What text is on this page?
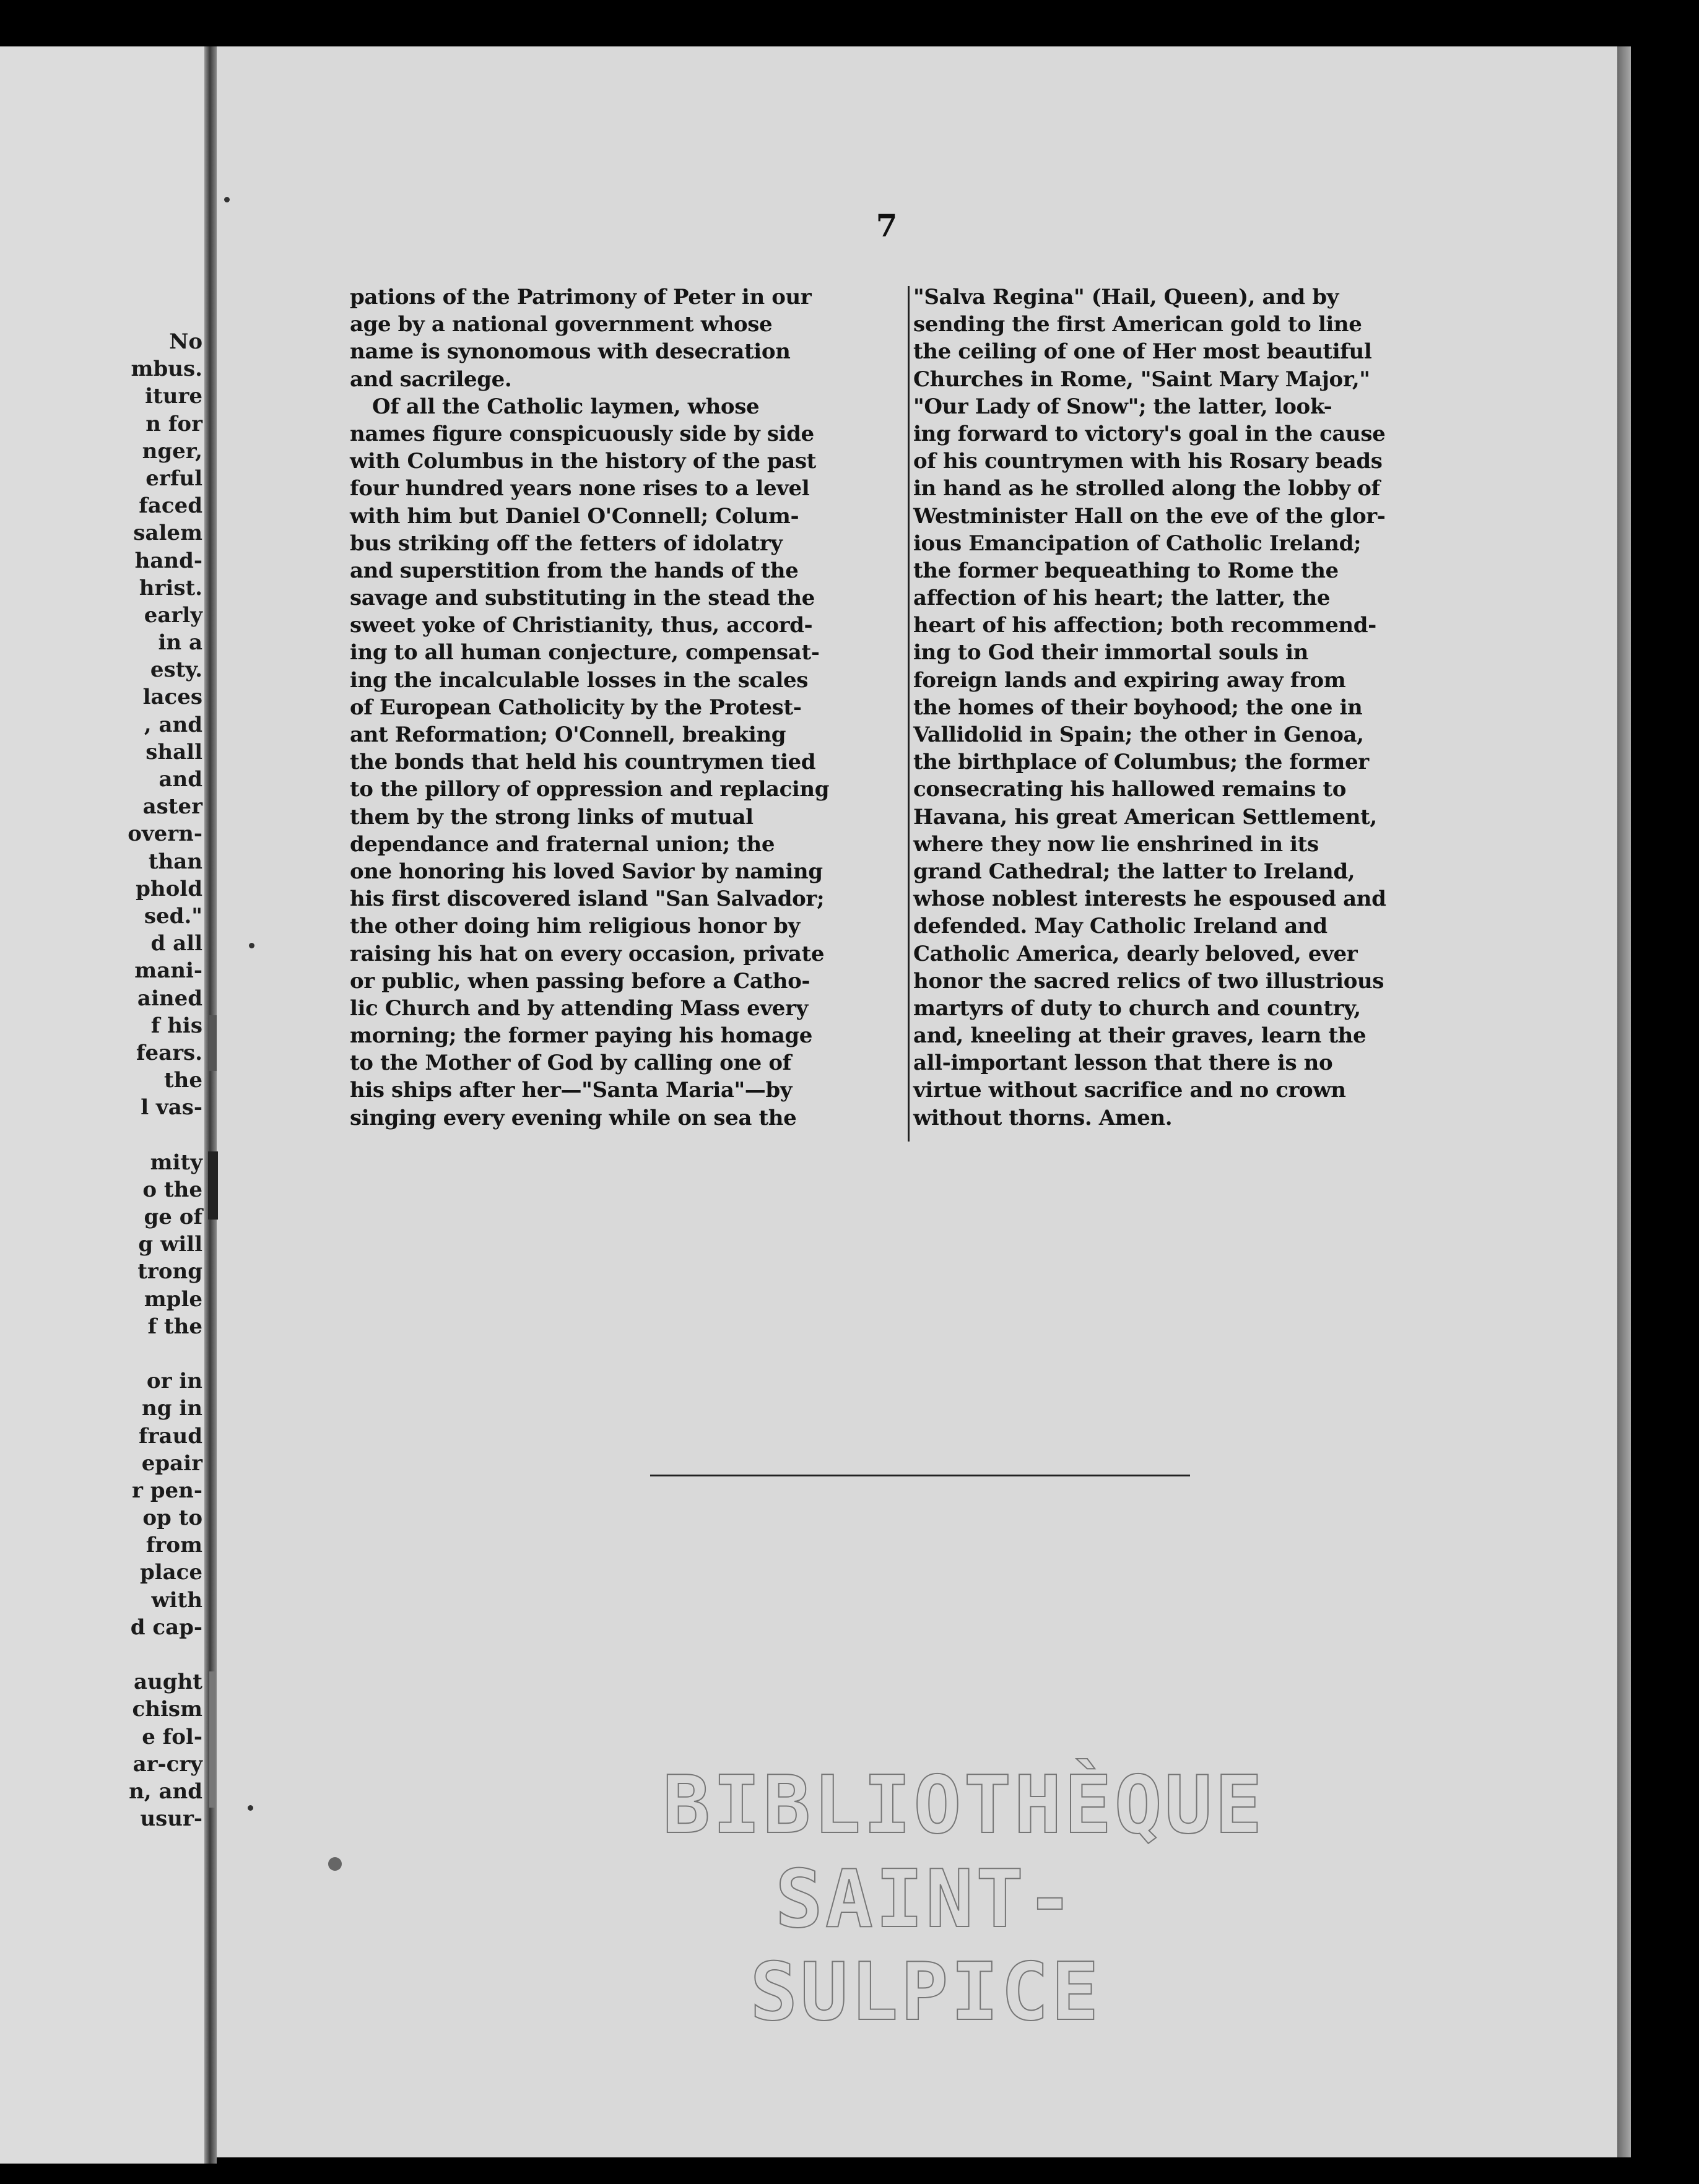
No
mbus.
iture
n for
nger,
erful
faced
salem
hand-
hrist.
early
in a
esty.
laces
, and
shall
and
aster
overn-
than
phold
sed."
d all
mani-
ained
f his
fears.
the
l vas-
mity
o the
ge of
g will
trong
mple
f the
or in
ng in
fraud
epair
r pen-
op to
from
place
with
d cap-
aught
chism
e fol-
ar-cry
n, and
usur-
7
pations of the Patrimony of Peter in our
age by a national government whose
name is synonomous with desecration
and sacrilege.
Of all the Catholic laymen, whose
names figure conspicuously side by side
with Columbus in the history of the past
four hundred years none rises to a level
with him but Daniel O'Connell; Colum-
bus striking off the fetters of idolatry
and superstition from the hands of the
savage and substituting in the stead the
sweet yoke of Christianity, thus, accord-
ing to all human conjecture, compensat-
ing the incalculable losses in the scales
of European Catholicity by the Protest-
ant Reformation; O'Connell, breaking
the bonds that held his countrymen tied
to the pillory of oppression and replacing
them by the strong links of mutual
dependance and fraternal union; the
one honoring his loved Savior by naming
his first discovered island "San Salvador;
the other doing him religious honor by
raising his hat on every occasion, private
or public, when passing before a Catho-
lic Church and by attending Mass every
morning; the former paying his homage
to the Mother of God by calling one of
his ships after her—"Santa Maria"—by
singing every evening while on sea the
"Salva Regina" (Hail, Queen), and by
sending the first American gold to line
the ceiling of one of Her most beautiful
Churches in Rome, "Saint Mary Major,"
"Our Lady of Snow"; the latter, look-
ing forward to victory's goal in the cause
of his countrymen with his Rosary beads
in hand as he strolled along the lobby of
Westminister Hall on the eve of the glor-
ious Emancipation of Catholic Ireland;
the former bequeathing to Rome the
affection of his heart; the latter, the
heart of his affection; both recommend-
ing to God their immortal souls in
foreign lands and expiring away from
the homes of their boyhood; the one in
Vallidolid in Spain; the other in Genoa,
the birthplace of Columbus; the former
consecrating his hallowed remains to
Havana, his great American Settlement,
where they now lie enshrined in its
grand Cathedral; the latter to Ireland,
whose noblest interests he espoused and
defended. May Catholic Ireland and
Catholic America, dearly beloved, ever
honor the sacred relics of two illustrious
martyrs of duty to church and country,
and, kneeling at their graves, learn the
all-important lesson that there is no
virtue without sacrifice and no crown
without thorns. Amen.
BIBLIOTHÈQUE
SAINT-SULPICE
